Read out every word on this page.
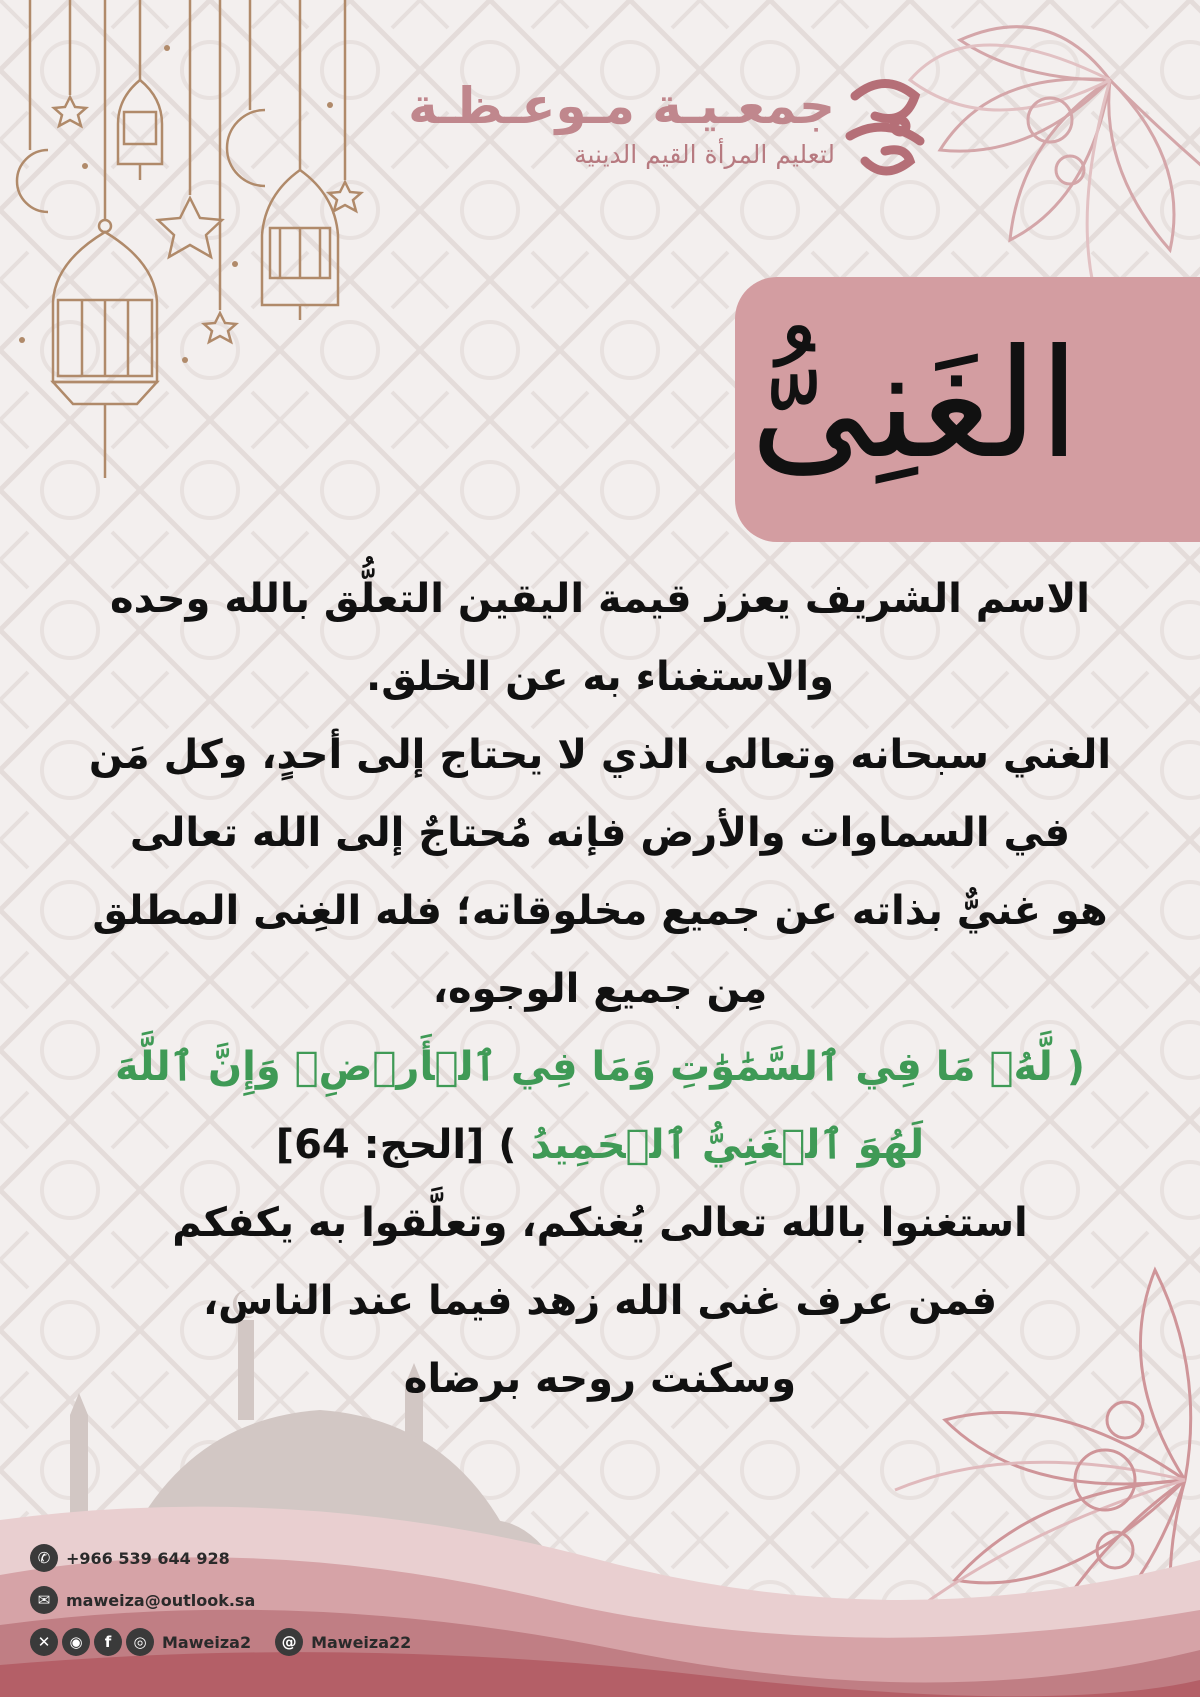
جمعـيـة مـوعـظـة
لتعليم المرأة القيم الدينية
الغَنِىُّ
الاسم الشريف يعزز قيمة اليقين التعلُّق بالله وحده
والاستغناء به عن الخلق.
الغني سبحانه وتعالى الذي لا يحتاج إلى أحدٍ، وكل مَن
في السماوات والأرض فإنه مُحتاجٌ إلى الله تعالى
هو غنيٌّ بذاته عن جميع مخلوقاته؛ فله الغِنى المطلق
مِن جميع الوجوه،
( لَّهُۥ مَا فِي ٱلسَّمَٰوَٰتِ وَمَا فِي ٱلۡأَرۡضِۗ وَإِنَّ ٱللَّهَ
لَهُوَ ٱلۡغَنِيُّ ٱلۡحَمِيدُ ) [الحج: 64]
استغنوا بالله تعالى يُغنكم، وتعلَّقوا به يكفكم
فمن عرف غنى الله زهد فيما عند الناس،
وسكنت روحه برضاه
✆ +966 539 644 928
✉ maweiza@outlook.sa
✕	◉	f	◎ Maweiza2	@ Maweiza22
